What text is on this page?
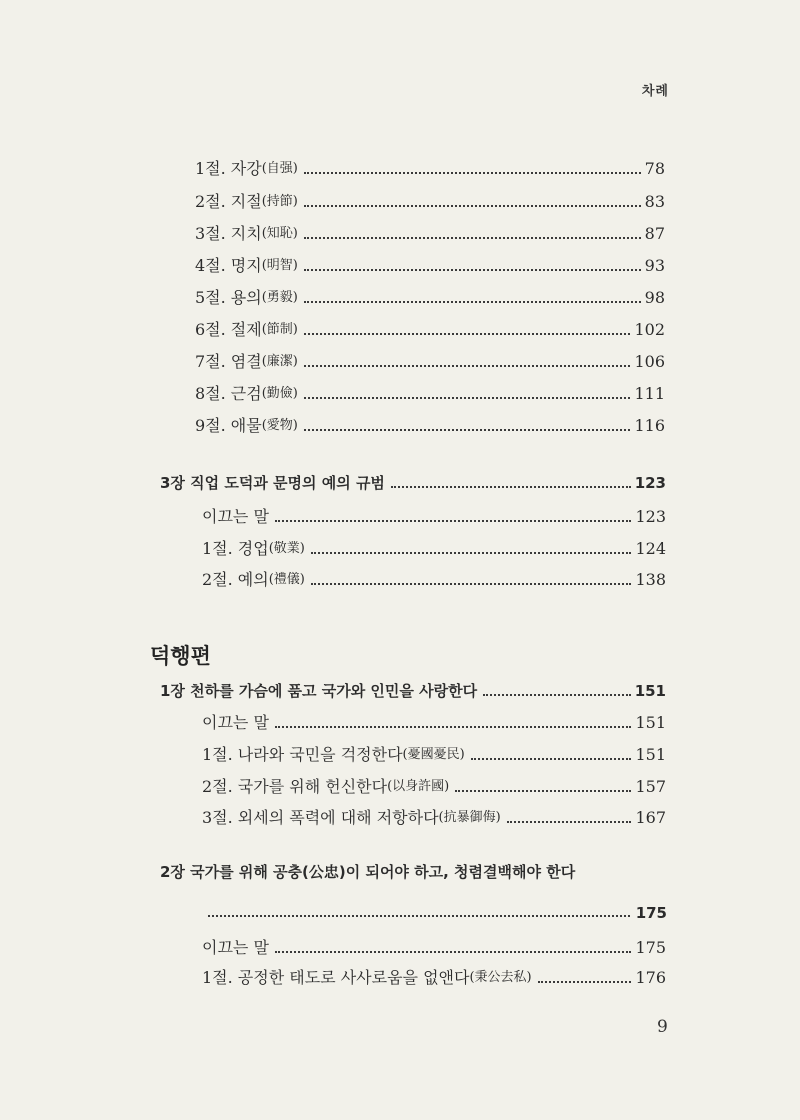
차례
1절. 자강 (自强)	78
2절. 지절 (持節)	83
3절. 지치 (知恥)	87
4절. 명지 (明智)	93
5절. 용의 (勇毅)	98
6절. 절제 (節制)	102
7절. 염결 (廉潔)	106
8절. 근검 (勤儉)	111
9절. 애물 (愛物)	116
3장 직업 도덕과 문명의 예의 규범	123
이끄는 말	123
1절. 경업 (敬業)	124
2절. 예의 (禮儀)	138
덕행편
1장 천하를 가슴에 품고 국가와 인민을 사랑한다	151
이끄는 말	151
1절. 나라와 국민을 걱정한다 (憂國憂民)	151
2절. 국가를 위해 헌신한다 (以身許國)	157
3절. 외세의 폭력에 대해 저항하다 (抗暴御侮)	167
2장 국가를 위해 공충(公忠)이 되어야 하고, 청렴결백해야 한다
175
이끄는 말	175
1절. 공정한 태도로 사사로움을 없앤다 (秉公去私)	176
9
